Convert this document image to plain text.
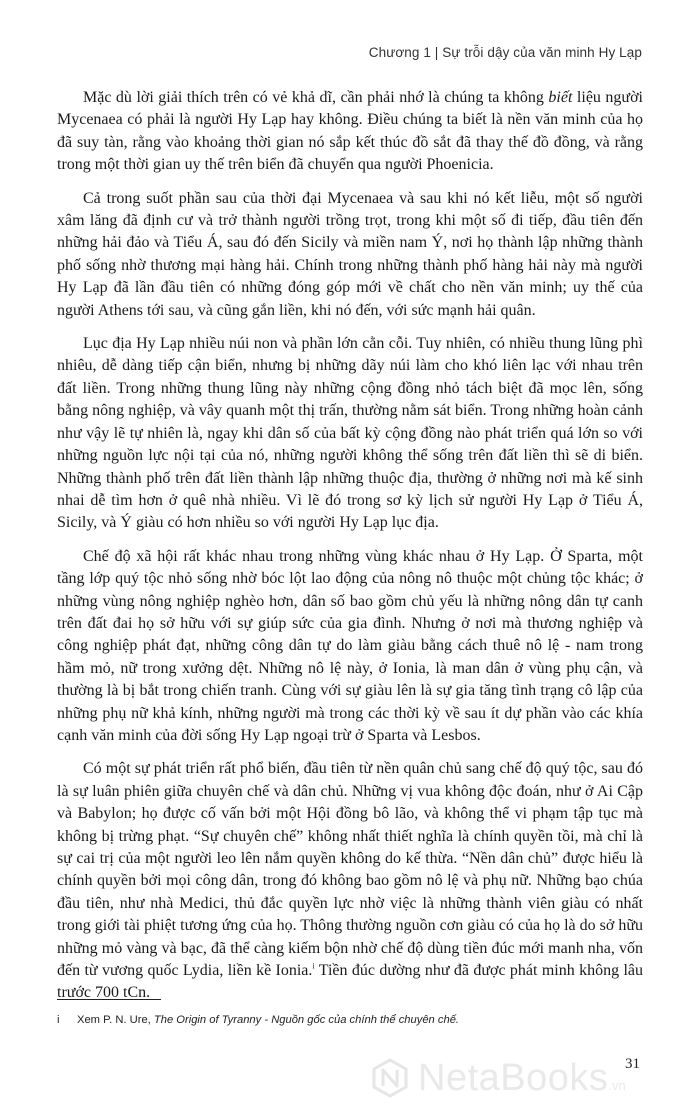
Chương 1 | Sự trỗi dậy của văn minh Hy Lạp

Mặc dù lời giải thích trên có vẻ khả dĩ, cần phải nhớ là chúng ta không biết liệu người Mycenaea có phải là người Hy Lạp hay không. Điều chúng ta biết là nền văn minh của họ đã suy tàn, rằng vào khoảng thời gian nó sắp kết thúc đồ sắt đã thay thế đồ đồng, và rằng trong một thời gian uy thế trên biển đã chuyển qua người Phoenicia.

Cả trong suốt phần sau của thời đại Mycenaea và sau khi nó kết liễu, một số người xâm lăng đã định cư và trở thành người trồng trọt, trong khi một số đi tiếp, đầu tiên đến những hải đảo và Tiểu Á, sau đó đến Sicily và miền nam Ý, nơi họ thành lập những thành phố sống nhờ thương mại hàng hải. Chính trong những thành phố hàng hải này mà người Hy Lạp đã lần đầu tiên có những đóng góp mới về chất cho nền văn minh; uy thế của người Athens tới sau, và cũng gắn liền, khi nó đến, với sức mạnh hải quân.

Lục địa Hy Lạp nhiều núi non và phần lớn cằn cỗi. Tuy nhiên, có nhiều thung lũng phì nhiêu, dễ dàng tiếp cận biển, nhưng bị những dãy núi làm cho khó liên lạc với nhau trên đất liền. Trong những thung lũng này những cộng đồng nhỏ tách biệt đã mọc lên, sống bằng nông nghiệp, và vây quanh một thị trấn, thường nằm sát biển. Trong những hoàn cảnh như vậy lẽ tự nhiên là, ngay khi dân số của bất kỳ cộng đồng nào phát triển quá lớn so với những nguồn lực nội tại của nó, những người không thể sống trên đất liền thì sẽ di biển. Những thành phố trên đất liền thành lập những thuộc địa, thường ở những nơi mà kế sinh nhai dễ tìm hơn ở quê nhà nhiều. Vì lẽ đó trong sơ kỳ lịch sử người Hy Lạp ở Tiểu Á, Sicily, và Ý giàu có hơn nhiều so với người Hy Lạp lục địa.

Chế độ xã hội rất khác nhau trong những vùng khác nhau ở Hy Lạp. Ở Sparta, một tầng lớp quý tộc nhỏ sống nhờ bóc lột lao động của nông nô thuộc một chủng tộc khác; ở những vùng nông nghiệp nghèo hơn, dân số bao gồm chủ yếu là những nông dân tự canh trên đất đai họ sở hữu với sự giúp sức của gia đình. Nhưng ở nơi mà thương nghiệp và công nghiệp phát đạt, những công dân tự do làm giàu bằng cách thuê nô lệ - nam trong hầm mỏ, nữ trong xưởng dệt. Những nô lệ này, ở Ionia, là man dân ở vùng phụ cận, và thường là bị bắt trong chiến tranh. Cùng với sự giàu lên là sự gia tăng tình trạng cô lập của những phụ nữ khả kính, những người mà trong các thời kỳ về sau ít dự phần vào các khía cạnh văn minh của đời sống Hy Lạp ngoại trừ ở Sparta và Lesbos.

Có một sự phát triển rất phổ biến, đầu tiên từ nền quân chủ sang chế độ quý tộc, sau đó là sự luân phiên giữa chuyên chế và dân chủ. Những vị vua không độc đoán, như ở Ai Cập và Babylon; họ được cố vấn bởi một Hội đồng bô lão, và không thể vi phạm tập tục mà không bị trừng phạt. “Sự chuyên chế” không nhất thiết nghĩa là chính quyền tồi, mà chỉ là sự cai trị của một người leo lên nắm quyền không do kế thừa. “Nền dân chủ” được hiểu là chính quyền bởi mọi công dân, trong đó không bao gồm nô lệ và phụ nữ. Những bạo chúa đầu tiên, như nhà Medici, thủ đắc quyền lực nhờ việc là những thành viên giàu có nhất trong giới tài phiệt tương ứng của họ. Thông thường nguồn cơn giàu có của họ là do sở hữu những mỏ vàng và bạc, đã thể càng kiếm bộn nhờ chế độ dùng tiền đúc mới manh nha, vốn đến từ vương quốc Lydia, liền kề Ionia.$^i$ Tiền đúc dường như đã được phát minh không lâu trước 700 tCn.

i Xem P. N. Ure, The Origin of Tyranny - Nguồn gốc của chính thể chuyên chế.
31
NetaBooks.vn
